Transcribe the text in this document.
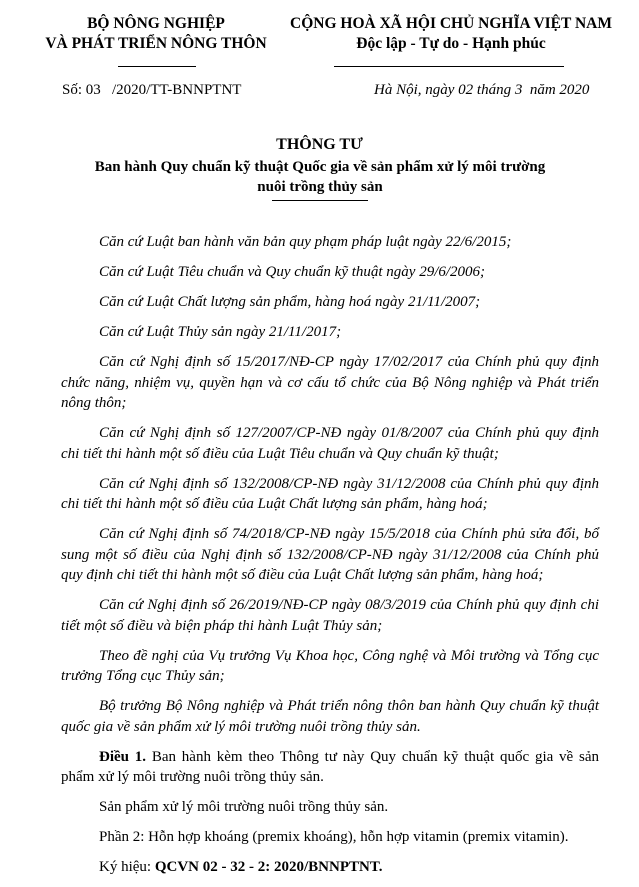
BỘ NÔNG NGHIỆP
VÀ PHÁT TRIỂN NÔNG THÔN
CỘNG HOÀ XÃ HỘI CHỦ NGHĨA VIỆT NAM
Độc lập - Tự do - Hạnh phúc
Số: 03   /2020/TT-BNNPTNT	Hà Nội, ngày 02 tháng 3  năm 2020
THÔNG TƯ
Ban hành Quy chuẩn kỹ thuật Quốc gia về sản phẩm xử lý môi trường
nuôi trồng thủy sản

Căn cứ Luật ban hành văn bản quy phạm pháp luật ngày 22/6/2015;

Căn cứ Luật Tiêu chuẩn và Quy chuẩn kỹ thuật ngày 29/6/2006;

Căn cứ Luật Chất lượng sản phẩm, hàng hoá ngày 21/11/2007;

Căn cứ Luật Thủy sản ngày 21/11/2017;

Căn cứ Nghị định số 15/2017/NĐ-CP ngày 17/02/2017 của Chính phủ quy định chức năng, nhiệm vụ, quyền hạn và cơ cấu tổ chức của Bộ Nông nghiệp và Phát triển nông thôn;

Căn cứ Nghị định số 127/2007/CP-NĐ ngày 01/8/2007 của Chính phủ quy định chi tiết thi hành một số điều của Luật Tiêu chuẩn và Quy chuẩn kỹ thuật;

Căn cứ Nghị định số 132/2008/CP-NĐ ngày 31/12/2008 của Chính phủ quy định chi tiết thi hành một số điều của Luật Chất lượng sản phẩm, hàng hoá;

Căn cứ Nghị định số 74/2018/CP-NĐ ngày 15/5/2018 của Chính phủ sửa đổi, bổ sung một số điều của Nghị định số 132/2008/CP-NĐ ngày 31/12/2008 của Chính phủ quy định chi tiết thi hành một số điều của Luật Chất lượng sản phẩm, hàng hoá;

Căn cứ Nghị định số 26/2019/NĐ-CP ngày 08/3/2019 của Chính phủ quy định chi tiết một số điều và biện pháp thi hành Luật Thủy sản;

Theo đề nghị của Vụ trưởng Vụ Khoa học, Công nghệ và Môi trường và Tổng cục trưởng Tổng cục Thủy sản;

Bộ trưởng Bộ Nông nghiệp và Phát triển nông thôn ban hành Quy chuẩn kỹ thuật quốc gia về sản phẩm xử lý môi trường nuôi trồng thủy sản.

Điều 1. Ban hành kèm theo Thông tư này Quy chuẩn kỹ thuật quốc gia về sản phẩm xử lý môi trường nuôi trồng thủy sản.

Sản phẩm xử lý môi trường nuôi trồng thủy sản.

Phần 2: Hỗn hợp khoáng (premix khoáng), hỗn hợp vitamin (premix vitamin).

Ký hiệu: QCVN 02 - 32 - 2: 2020/BNNPTNT.
